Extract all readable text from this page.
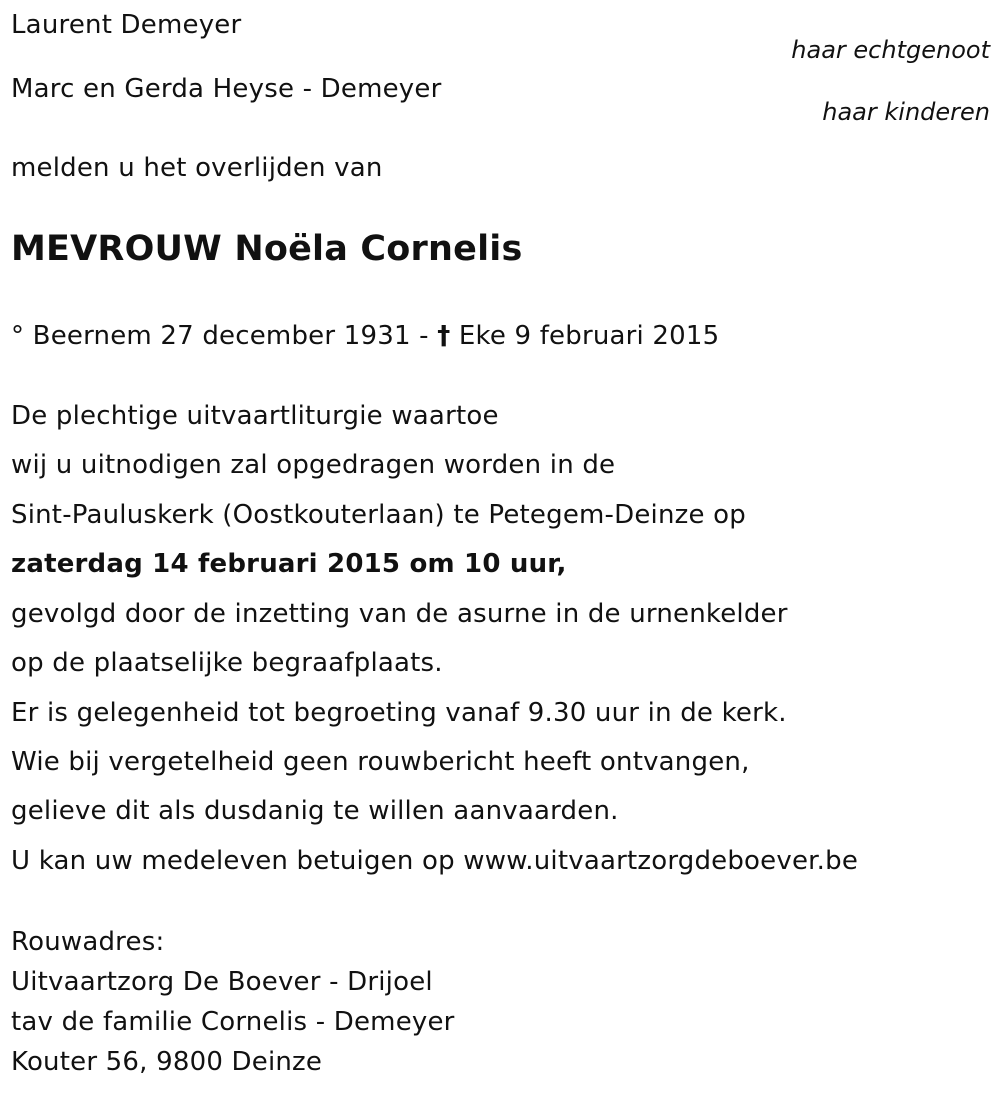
Laurent Demeyer
haar echtgenoot
Marc en Gerda Heyse - Demeyer
haar kinderen
melden u het overlijden van
MEVROUW Noëla Cornelis
° Beernem 27 december 1931 - † Eke 9 februari 2015
De plechtige uitvaartliturgie waartoe
wij u uitnodigen zal opgedragen worden in de
Sint-Pauluskerk (Oostkouterlaan) te Petegem-Deinze op
zaterdag 14 februari 2015 om 10 uur,
gevolgd door de inzetting van de asurne in de urnenkelder
op de plaatselijke begraafplaats.
Er is gelegenheid tot begroeting vanaf 9.30 uur in de kerk.
Wie bij vergetelheid geen rouwbericht heeft ontvangen,
gelieve dit als dusdanig te willen aanvaarden.
U kan uw medeleven betuigen op www.uitvaartzorgdeboever.be
Rouwadres:
Uitvaartzorg De Boever - Drijoel
tav de familie Cornelis - Demeyer
Kouter 56, 9800 Deinze
